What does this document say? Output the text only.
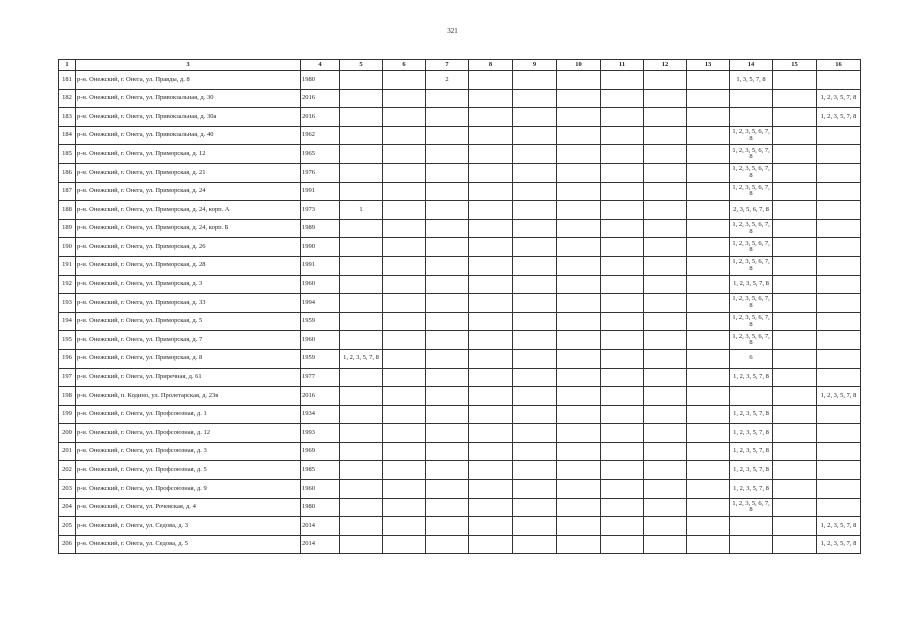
321
1	3	4	5	6	7	8	9	10	11	12	13	14	15	16
181	р-н. Онежский, г. Онега, ул. Правды, д. 8	1980			2							1, 3, 5, 7, 8		
182	р-н. Онежский, г. Онега, ул. Привокзальная, д. 30	2016												1, 2, 3, 5, 7, 8
183	р-н. Онежский, г. Онега, ул. Привокзальная, д. 30а	2016												1, 2, 3, 5, 7, 8
184	р-н. Онежский, г. Онега, ул. Привокзальная, д. 40	1962										1, 2, 3, 5, 6, 7, 8		
185	р-н. Онежский, г. Онега, ул. Приморская, д. 12	1965										1, 2, 3, 5, 6, 7, 8		
186	р-н. Онежский, г. Онега, ул. Приморская, д. 21	1976										1, 2, 3, 5, 6, 7, 8		
187	р-н. Онежский, г. Онега, ул. Приморская, д. 24	1991										1, 2, 3, 5, 6, 7, 8		
188	р-н. Онежский, г. Онега, ул. Приморская, д. 24, корп. А	1973	1									2, 3, 5, 6, 7, 8		
189	р-н. Онежский, г. Онега, ул. Приморская, д. 24, корп. Б	1989										1, 2, 3, 5, 6, 7, 8		
190	р-н. Онежский, г. Онега, ул. Приморская, д. 26	1990										1, 2, 3, 5, 6, 7, 8		
191	р-н. Онежский, г. Онега, ул. Приморская, д. 28	1991										1, 2, 3, 5, 6, 7, 8		
192	р-н. Онежский, г. Онега, ул. Приморская, д. 3	1960										1, 2, 3, 5, 7, 8		
193	р-н. Онежский, г. Онега, ул. Приморская, д. 33	1994										1, 2, 3, 5, 6, 7, 8		
194	р-н. Онежский, г. Онега, ул. Приморская, д. 5	1959										1, 2, 3, 5, 6, 7, 8		
195	р-н. Онежский, г. Онега, ул. Приморская, д. 7	1960										1, 2, 3, 5, 6, 7, 8		
196	р-н. Онежский, г. Онега, ул. Приморская, д. 8	1959	1, 2, 3, 5, 7, 8									6		
197	р-н. Онежский, г. Онега, ул. Приречная, д. 61	1977										1, 2, 3, 5, 7, 8		
198	р-н. Онежский, п. Кодино, ул. Пролетарская, д. 23в	2016												1, 2, 3, 5, 7, 8
199	р-н. Онежский, г. Онега, ул. Профсоюзная, д. 1	1934										1, 2, 3, 5, 7, 8		
200	р-н. Онежский, г. Онега, ул. Профсоюзная, д. 12	1993										1, 2, 3, 5, 7, 8		
201	р-н. Онежский, г. Онега, ул. Профсоюзная, д. 3	1969										1, 2, 3, 5, 7, 8		
202	р-н. Онежский, г. Онега, ул. Профсоюзная, д. 5	1985										1, 2, 3, 5, 7, 8		
203	р-н. Онежский, г. Онега, ул. Профсоюзная, д. 9	1960										1, 2, 3, 5, 7, 8		
204	р-н. Онежский, г. Онега, ул. Рочевская, д. 4	1980										1, 2, 3, 5, 6, 7, 8		
205	р-н. Онежский, г. Онега, ул. Седова, д. 3	2014												1, 2, 3, 5, 7, 8
206	р-н. Онежский, г. Онега, ул. Седова, д. 5	2014												1, 2, 3, 5, 7, 8
